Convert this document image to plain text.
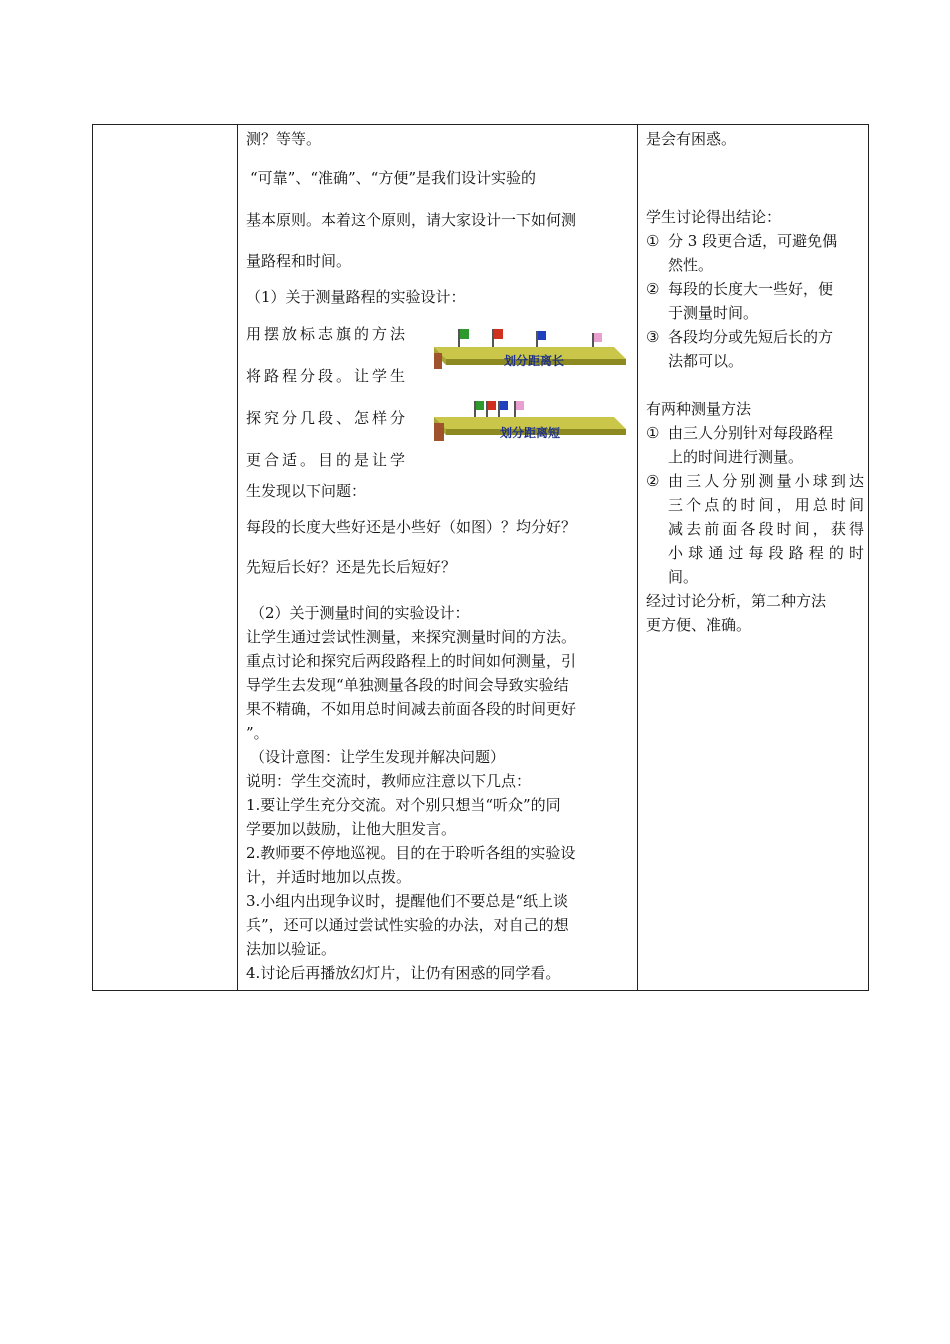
测？等等。

“可靠”、“准确”、“方便”是我们设计实验的

基本原则。本着这个原则，请大家设计一下如何测

量路程和时间。

（1）关于测量路程的实验设计：

用摆放标志旗的方法

将路程分段。让学生

探究分几段、怎样分

更合适。目的是让学

划分距离长
划分距离短

生发现以下问题：

每段的长度大些好还是小些好（如图）？均分好？

先短后长好？还是先长后短好？

（2）关于测量时间的实验设计：

让学生通过尝试性测量，来探究测量时间的方法。

重点讨论和探究后两段路程上的时间如何测量，引

导学生去发现“单独测量各段的时间会导致实验结

果不精确，不如用总时间减去前面各段的时间更好

”。

（设计意图：让学生发现并解决问题）

说明：学生交流时，教师应注意以下几点：

1.要让学生充分交流。对个别只想当“听众”的同

学要加以鼓励，让他大胆发言。

2.教师要不停地巡视。目的在于聆听各组的实验设

计，并适时地加以点拨。

3.小组内出现争议时，提醒他们不要总是“纸上谈

兵”，还可以通过尝试性实验的办法，对自己的想

法加以验证。

4.讨论后再播放幻灯片，让仍有困惑的同学看。

是会有困惑。

学生讨论得出结论：

① 分 3 段更合适，可避免偶
然性。
② 每段的长度大一些好，便
于测量时间。
③ 各段均分或先短后长的方
法都可以。

有两种测量方法

① 由三人分别针对每段路程
上的时间进行测量。
② 由三人分别测量小球到达
三个点的时间，用总时间
减去前面各段时间，获得
小球通过每段路程的时
间。

经过讨论分析，第二种方法

更方便、准确。
